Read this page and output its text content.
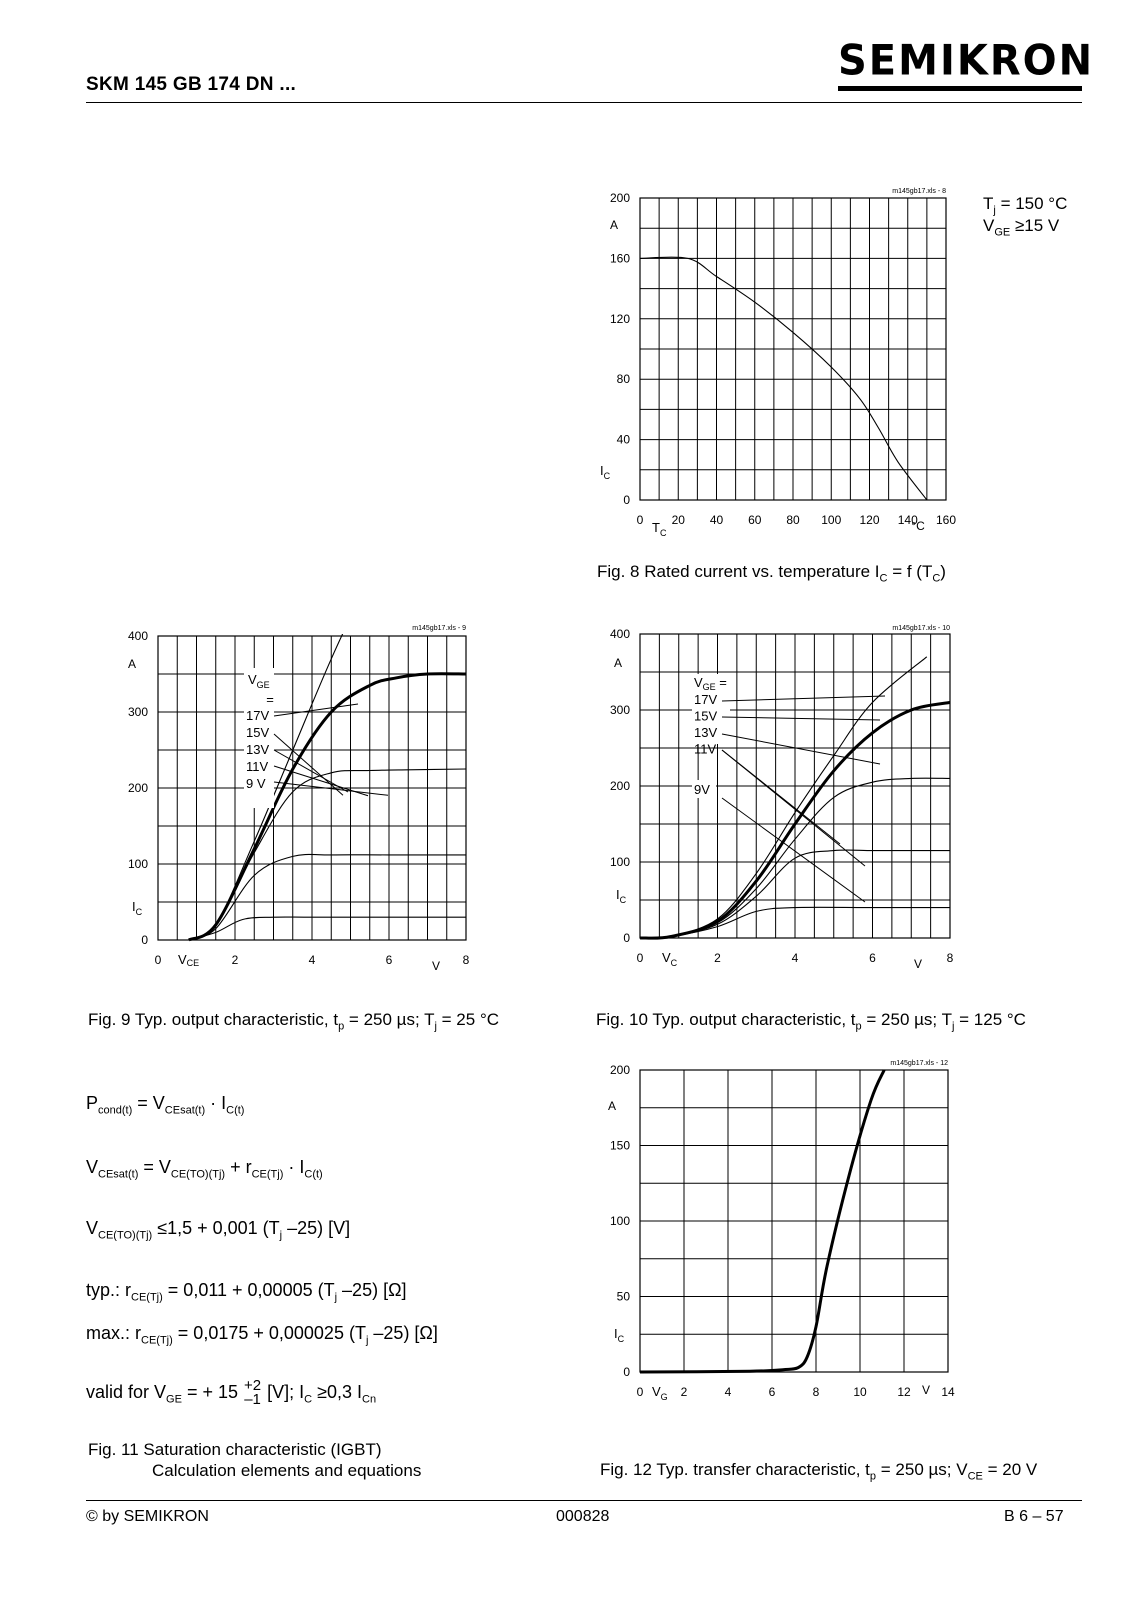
SKM 145 GB 174 DN ...	SEMIKRON
0
40
80
120
160
200
0 20 40 60 80 100 120 140 160
A
$I_C$
$T_C$	°C
m145gb17.xls - 8
$T_j = 150$ °C
$V_{GE} \ge 15$ V
Fig. 8 Rated current vs. temperature $I_C = f$ $(T_C)$
0
100
200
300
400
0	2	4	6	8
A
$I_C$
VCE	V
m145gb17.xls - 9
$V_{GE}$
=
17V
15V
13V
11V
9 V
Fig. 9 Typ. output characteristic, $t_p = 250$ µs; $T_j = 25$ °C
0
100
200
300
400
0	2	4	6	8
A
$I_C$
$V_C$	V
m145gb17.xls - 10
$V_{GE}$ =
17V
15V
13V
11V
9V
Fig. 10 Typ. output characteristic, $t_p = 250$ µs; $T_j = 125$ °C
$P_{cond(t)} = V_{CEsat(t)} \cdot I_{C(t)}$
$V_{CEsat(t)} = V_{CE(TO)(Tj)} + r_{CE(Tj)} \cdot I_{C(t)}$
$V_{CE(TO)(Tj)} \le 1,5 + 0,001$ ($T_j$ –25) [V]
typ.: $r_{CE(Tj)} = 0,011 + 0,00005$ ($T_j$ –25) [Ω]
max.: $r_{CE(Tj)} = 0,0175 + 0,000025$ ($T_j$ –25) [Ω]
valid for $V_{GE}$ = + 15 +2
–1 [V]; $I_C \ge 0,3$ $I_{Cn}$
Fig. 11 Saturation characteristic (IGBT)
Calculation elements and equations
0
50
100
150
200
0	2	4	6	8	10	12	14
A
$I_C$
$V_G$	V
m145gb17.xls - 12
Fig. 12 Typ. transfer characteristic, $t_p = 250$ µs; $V_{CE} = 20$ V
© by SEMIKRON	000828	B 6 – 57
